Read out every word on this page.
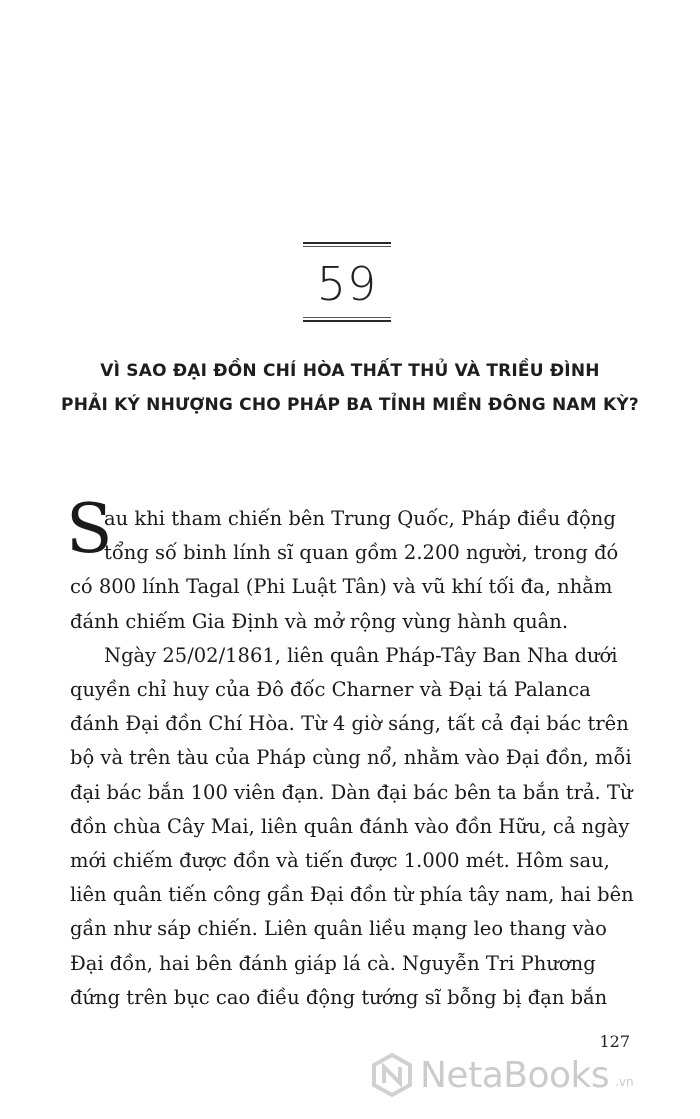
59
VÌ SAO ĐẠI ĐỒN CHÍ HÒA THẤT THỦ VÀ TRIỀU ĐÌNH
PHẢI KÝ NHƯỢNG CHO PHÁP BA TỈNH MIỀN ĐÔNG NAM KỲ?
S
au khi tham chiến bên Trung Quốc, Pháp điều động
tổng số binh lính sĩ quan gồm 2.200 người, trong đó
có 800 lính Tagal (Phi Luật Tân) và vũ khí tối đa, nhằm
đánh chiếm Gia Định và mở rộng vùng hành quân.
Ngày 25/02/1861, liên quân Pháp-Tây Ban Nha dưới
quyền chỉ huy của Đô đốc Charner và Đại tá Palanca
đánh Đại đồn Chí Hòa. Từ 4 giờ sáng, tất cả đại bác trên
bộ và trên tàu của Pháp cùng nổ, nhằm vào Đại đồn, mỗi
đại bác bắn 100 viên đạn. Dàn đại bác bên ta bắn trả. Từ
đồn chùa Cây Mai, liên quân đánh vào đồn Hữu, cả ngày
mới chiếm được đồn và tiến được 1.000 mét. Hôm sau,
liên quân tiến công gần Đại đồn từ phía tây nam, hai bên
gần như sáp chiến. Liên quân liều mạng leo thang vào
Đại đồn, hai bên đánh giáp lá cà. Nguyễn Tri Phương
đứng trên bục cao điều động tướng sĩ bỗng bị đạn bắn
127
NetaBooks .vn
